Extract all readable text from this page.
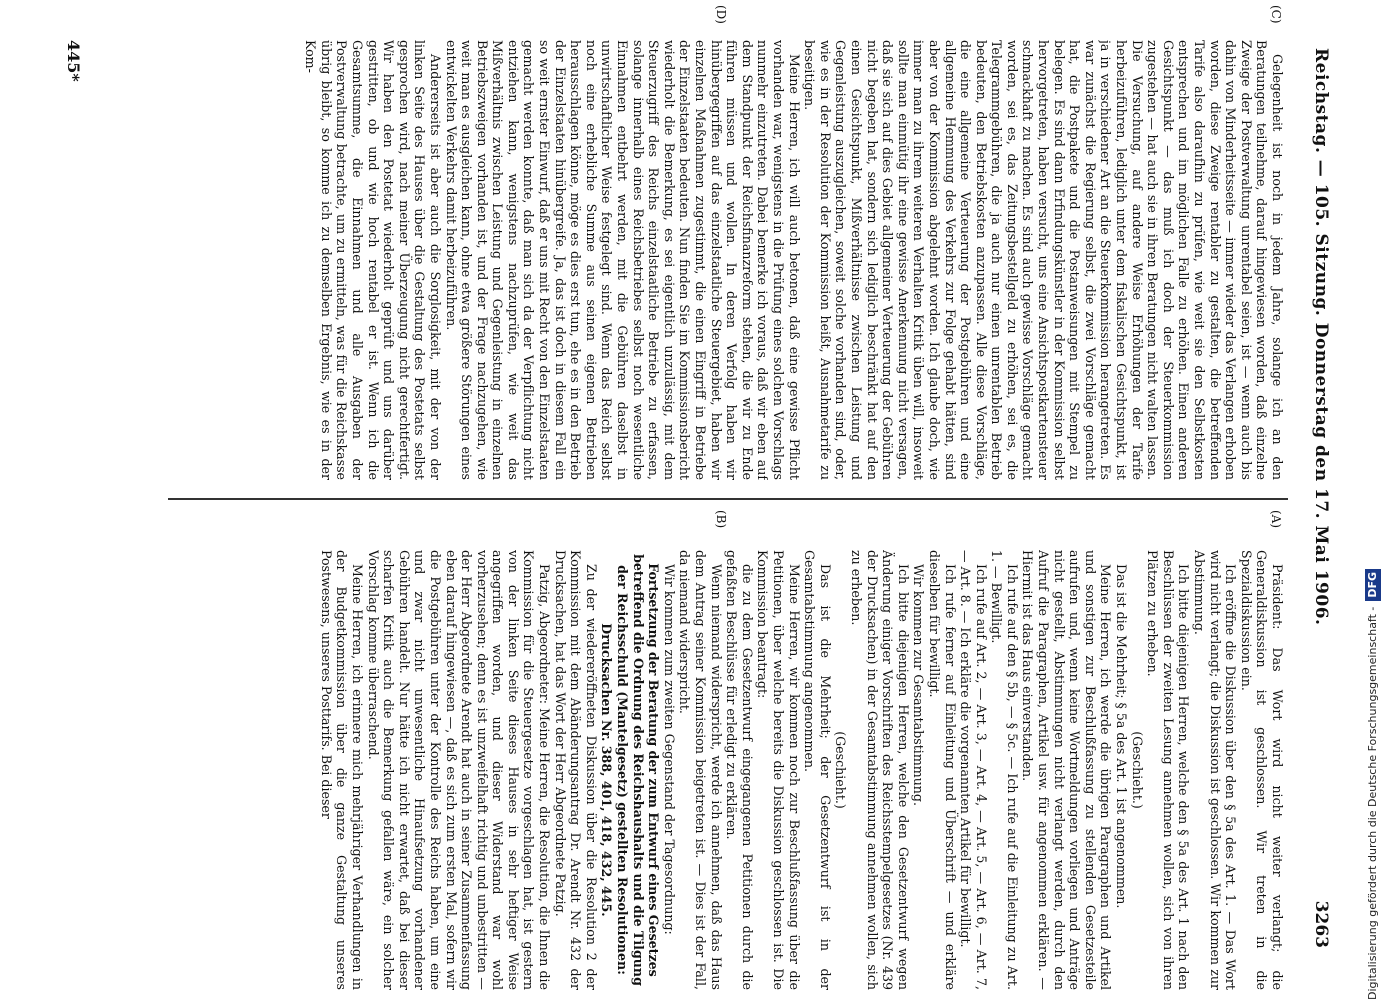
Reichstag. — 105. Sitzung. Donnerstag den 17. Mai 1906.
3263
(A)
(B)
(C)
(D)

Präsident: Das Wort wird nicht weiter verlangt; die Generaldiskussion ist geschlossen. Wir treten in die Spezialdiskussion ein.

Ich eröffne die Diskussion über den § 5a des Art. 1. — Das Wort wird nicht verlangt; die Diskussion ist geschlossen. Wir kommen zur Abstimmung.

Ich bitte diejenigen Herren, welche den § 5a des Art. 1 nach den Beschlüssen der zweiten Lesung annehmen wollen, sich von ihren Plätzen zu erheben.

(Geschieht.)

Das ist die Mehrheit; § 5a des Art. 1 ist angenommen.

Meine Herren, ich werde die übrigen Paragraphen und Artikel und sonstigen zur Beschlußfassung zu stellenden Gesetzesteile aufrufen und, wenn keine Wortmeldungen vorliegen und Anträge nicht gestellt, Abstimmungen nicht verlangt werden, durch den Aufruf die Paragraphen, Artikel usw. für angenommen erklären. — Hiermit ist das Haus einverstanden.

Ich rufe auf den § 5b, — § 5c. — Ich rufe auf die Einleitung zu Art. 1. — Bewilligt.

Ich rufe auf Art. 2, — Art. 3, — Art. 4, — Art. 5, — Art. 6, — Art. 7, — Art. 8. — Ich erkläre die vorgenannten Artikel für bewilligt.

Ich rufe ferner auf Einleitung und Überschrift — und erkläre dieselben für bewilligt.

Wir kommen zur Gesamtabstimmung.

Ich bitte diejenigen Herren, welche den Gesetzentwurf wegen Änderung einiger Vorschriften des Reichsstempelgesetzes (Nr. 439 der Drucksachen) in der Gesamtabstimmung annehmen wollen, sich zu erheben.

(Geschieht.)

Das ist die Mehrheit; der Gesetzentwurf ist in der Gesamtabstimmung angenommen.

Meine Herren, wir kommen noch zur Beschlußfassung über die Petitionen, über welche bereits die Diskussion geschlossen ist. Die Kommission beantragt:

die zu dem Gesetzentwurf eingegangenen Petitionen durch die gefaßten Beschlüsse für erledigt zu erklären.

Wenn niemand widerspricht, werde ich annehmen, daß das Haus dem Antrag seiner Kommission beigetreten ist. — Dies ist der Fall, da niemand widerspricht.

Wir kommen zum zweiten Gegenstand der Tagesordnung:

Fortsetzung der Beratung der zum Entwurf eines Gesetzes betreffend die Ordnung des Reichshaushalts und die Tilgung der Reichsschuld (Mantelgesetz) gestellten Resolutionen: Drucksachen Nr. 388, 401, 418, 432, 445.

Zu der wiedereröffneten Diskussion über die Resolution 2 der Kommission mit dem Abänderungsantrag Dr. Arendt Nr. 432 der Drucksachen, hat das Wort der Herr Abgeordnete Patzig.

Patzig, Abgeordneter: Meine Herren, die Resolution, die Ihnen die Kommission für die Steuergesetze vorgeschlagen hat, ist gestern von der linken Seite dieses Hauses in sehr heftiger Weise angegriffen worden, und dieser Widerstand war wohl vorherzusehen; denn es ist unzweifelhaft richtig und unbestritten — der Herr Abgeordnete Arendt hat auch in seiner Zusammenfassung eben darauf hingewiesen —, daß es sich zum ersten Mal, sofern wir die Postgebühren unter der Kontrolle des Reichs haben, um eine und zwar nicht unwesentliche Hinaufsetzung vorhandener Gebühren handelt. Nur hätte ich nicht erwartet, daß bei dieser scharfen Kritik auch die Bemerkung gefallen wäre, ein solcher Vorschlag komme überraschend.

Meine Herren, ich erinnere mich mehrjähriger Verhandlungen in der Budgetkommission über die ganze Gestaltung unseres Postwesens, unseres Posttarifs. Bei dieser

Gelegenheit ist noch in jedem Jahre, solange ich an den Beratungen teilnehme, darauf hingewiesen worden, daß einzelne Zweige der Postverwaltung unrentabel seien, ist — wenn auch bis dahin von Minderheitsseite — immer wieder das Verlangen erhoben worden, diese Zweige rentabler zu gestalten, die betreffenden Tarife also daraufhin zu prüfen, wie weit sie den Selbstkosten entsprechen und im möglichen Falle zu erhöhen. Einen anderen Gesichtspunkt — das muß ich doch der Steuerkommission zugestehen — hat auch sie in ihren Beratungen nicht walten lassen. Die Versuchung, auf andere Weise Erhöhungen der Tarife herbeizuführen, lediglich unter dem fiskalischen Gesichtspunkt, ist ja in verschiedener Art an die Steuerkommission herangetreten. Es war zunächst die Regierung selbst, die zwei Vorschläge gemacht hat, die Postpakete und die Postanweisungen mit Stempel zu belegen. Es sind dann Erfindungskünstler in der Kommission selbst hervorgetreten, haben versucht, uns eine Ansichtspostkartensteuer schmackhaft zu machen. Es sind auch gewisse Vorschläge gemacht worden, sei es, das Zeitungsbestellgeld zu erhöhen, sei es, die Telegrammgebühren, die ja auch nur einen unrentablen Betrieb bedeuten, den Betriebskosten anzupassen. Alle diese Vorschläge, die eine allgemeine Verteuerung der Postgebühren und eine allgemeine Hemmung des Verkehrs zur Folge gehabt hätten, sind aber von der Kommission abgelehnt worden. Ich glaube doch, wie immer man zu ihrem weiteren Verhalten Kritik üben will, insoweit sollte man einmütig ihr eine gewisse Anerkennung nicht versagen, daß sie sich auf dies Gebiet allgemeiner Verteuerung der Gebühren nicht begeben hat, sondern sich lediglich beschränkt hat auf den einen Gesichtspunkt, Mißverhältnisse zwischen Leistung und Gegenleistung auszugleichen, soweit solche vorhanden sind, oder, wie es in der Resolution der Kommission heißt, Ausnahmetarife zu beseitigen.

Meine Herren, ich will auch betonen, daß eine gewisse Pflicht vorhanden war, wenigstens in die Prüfung eines solchen Vorschlags nunmehr einzutreten. Dabei bemerke ich voraus, daß wir eben auf dem Standpunkt der Reichsfinanzreform stehen, die wir zu Ende führen müssen und wollen. In deren Verfolg haben wir hinübergegriffen auf das einzelstaatliche Steuergebiet, haben wir einzelnen Maßnahmen zugestimmt, die einen Eingriff in Betriebe der Einzelstaaten bedeuten. Nun finden Sie im Kommissionsbericht wiederholt die Bemerkung, es sei eigentlich unzulässig, mit dem Steuerzugriff des Reichs einzelstaatliche Betriebe zu erfassen, solange innerhalb eines Reichsbetriebes selbst noch wesentliche Einnahmen entbehrt werden, mit die Gebühren daselbst in unwirtschaftlicher Weise festgelegt sind. Wenn das Reich selbst noch eine erhebliche Summe aus seinen eigenen Betrieben herausschlagen könne, möge es dies erst tun, ehe es in den Betrieb der Einzelstaaten hinübergreife. Ja, das ist doch in diesem Fall ein so weit ernster Einwurf, daß er uns mit Recht von den Einzelstaaten gemacht werden konnte, daß man sich da der Verpflichtung nicht entziehen kann, wenigstens nachzuprüfen, wie weit das Mißverhältnis zwischen Leistung und Gegenleistung in einzelnen Betriebszweigen vorhanden ist, und der Frage nachzugehen, wie weit man es ausgleichen kann, ohne etwa größere Störungen eines entwickelten Verkehrs damit herbeizuführen.

Andererseits ist aber auch die Sorglosigkeit, mit der von der linken Seite des Hauses über die Gestaltung des Postetats selbst gesprochen wird, nach meiner Überzeugung nicht gerechtfertigt. Wir haben den Postetat wiederholt geprüft und uns darüber gestritten, ob und wie hoch rentabel er ist. Wenn ich die Gesamtsumme, die Einnahmen und alle Ausgaben der Postverwaltung betrachte, um zu ermitteln, was für die Reichskasse übrig bleibt, so komme ich zu demselben Ergebnis, wie es in der Kom-

445*
Digitalisierung gefördert durch die Deutsche Forschungsgemeinschaft -DFG
